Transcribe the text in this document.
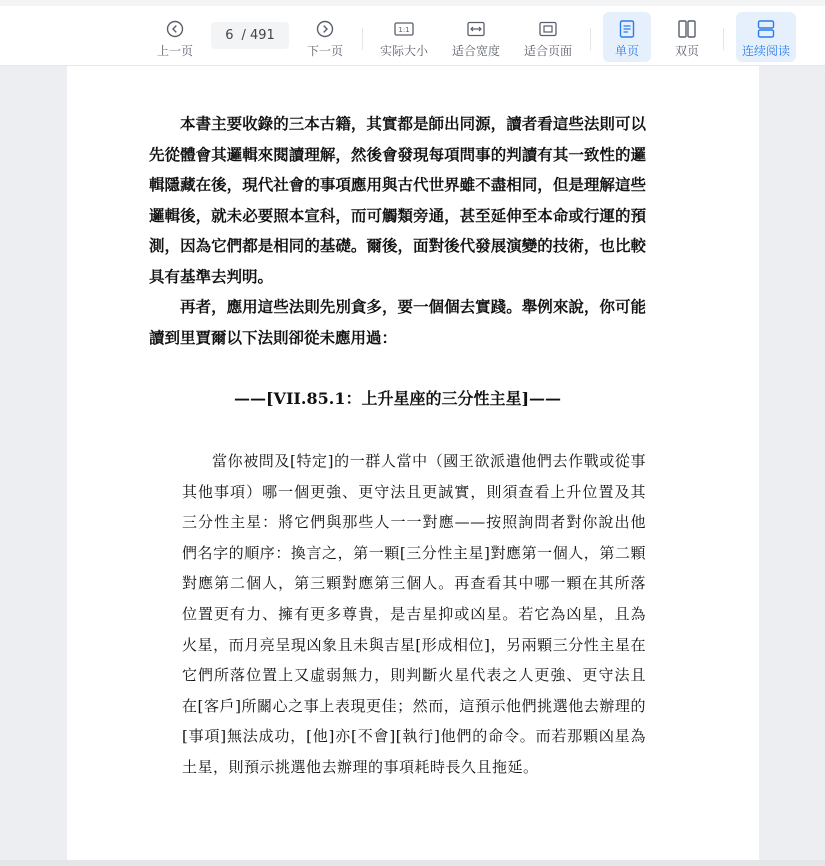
上一页
6 / 491
下一页
1:1
实际大小 适合宽度 适合页面	单页	双页	连续阅读

本書主要收錄的三本古籍，其實都是師出同源，讀者看這些法則可以先從體會其邏輯來閱讀理解，然後會發現每項問事的判讀有其一致性的邏輯隱藏在後，現代社會的事項應用與古代世界雖不盡相同，但是理解這些邏輯後，就未必要照本宣科，而可觸類旁通，甚至延伸至本命或行運的預測，因為它們都是相同的基礎。爾後，面對後代發展演變的技術，也比較具有基準去判明。

再者，應用這些法則先別貪多，要一個個去實踐。舉例來說，你可能讀到里賈爾以下法則卻從未應用過：

——[VII.85.1：上升星座的三分性主星]——

當你被問及[特定]的一群人當中（國王欲派遣他們去作戰或從事其他事項）哪一個更強、更守法且更誠實，則須查看上升位置及其三分性主星：將它們與那些人一一對應——按照詢問者對你說出他們名字的順序：換言之，第一顆[三分性主星]對應第一個人，第二顆對應第二個人，第三顆對應第三個人。再查看其中哪一顆在其所落位置更有力、擁有更多尊貴，是吉星抑或凶星。若它為凶星，且為火星，而月亮呈現凶象且未與吉星[形成相位]，另兩顆三分性主星在它們所落位置上又虛弱無力，則判斷火星代表之人更強、更守法且在[客戶]所關心之事上表現更佳；然而，這預示他們挑選他去辦理的[事項]無法成功，[他]亦[不會][執行]他們的命令。而若那顆凶星為土星，則預示挑選他去辦理的事項耗時長久且拖延。
